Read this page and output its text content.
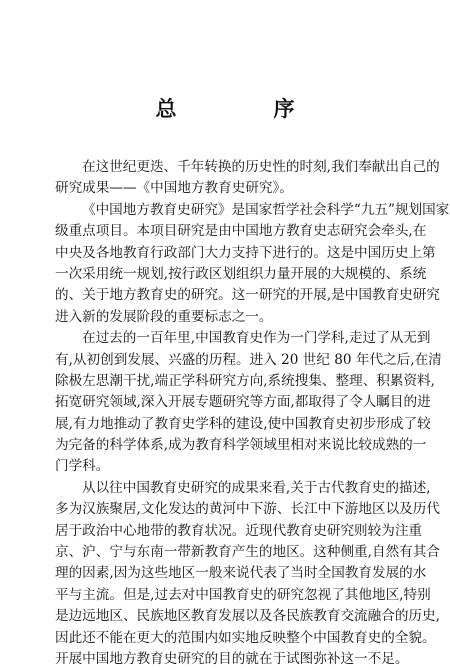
总　序
在这世纪更迭、千年转换的历史性的时刻,我们奉献出自己的
研究成果——《中国地方教育史研究》。
《中国地方教育史研究》是国家哲学社会科学“九五”规划国家
级重点项目。本项目研究是由中国地方教育史志研究会牵头,在
中央及各地教育行政部门大力支持下进行的。这是中国历史上第
一次采用统一规划,按行政区划组织力量开展的大规模的、系统
的、关于地方教育史的研究。这一研究的开展,是中国教育史研究
进入新的发展阶段的重要标志之一。
在过去的一百年里,中国教育史作为一门学科,走过了从无到
有,从初创到发展、兴盛的历程。进入 20 世纪 80 年代之后,在清
除极左思潮干扰,端正学科研究方向,系统搜集、整理、积累资料,
拓宽研究领域,深入开展专题研究等方面,都取得了令人瞩目的进
展,有力地推动了教育史学科的建设,使中国教育史初步形成了较
为完备的科学体系,成为教育科学领域里相对来说比较成熟的一
门学科。
从以往中国教育史研究的成果来看,关于古代教育史的描述,
多为汉族聚居,文化发达的黄河中下游、长江中下游地区以及历代
居于政治中心地带的教育状况。近现代教育史研究则较为注重
京、沪、宁与东南一带新教育产生的地区。这种侧重,自然有其合
理的因素,因为这些地区一般来说代表了当时全国教育发展的水
平与主流。但是,过去对中国教育史的研究忽视了其他地区,特别
是边远地区、民族地区教育发展以及各民族教育交流融合的历史,
因此还不能在更大的范围内如实地反映整个中国教育史的全貌。
开展中国地方教育史研究的目的就在于试图弥补这一不足。
